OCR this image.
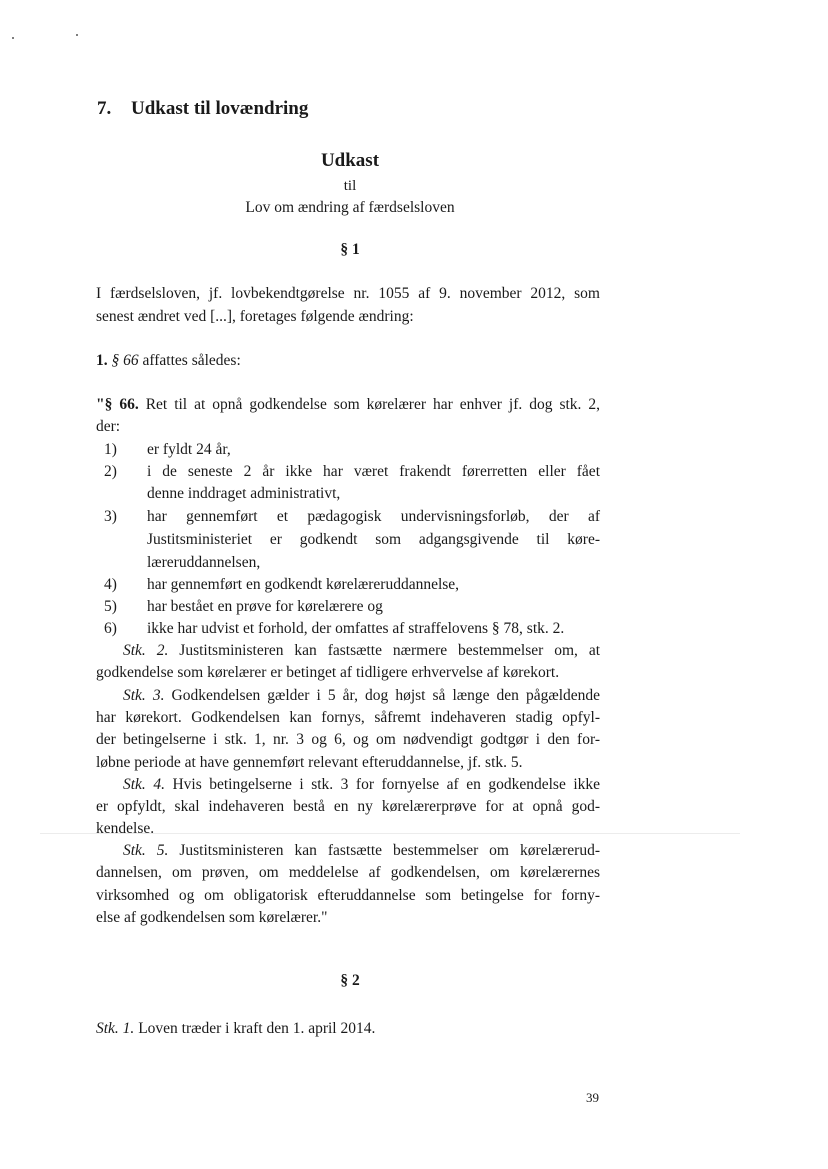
7. Udkast til lovændring
Udkast
til
Lov om ændring af færdselsloven
§ 1
I færdselsloven, jf. lovbekendtgørelse nr. 1055 af 9. november 2012, som
senest ændret ved [...], foretages følgende ændring:
1. § 66 affattes således:
"§ 66. Ret til at opnå godkendelse som kørelærer har enhver jf. dog stk. 2,
der:
1)	er fyldt 24 år,
2)	i de seneste 2 år ikke har været frakendt førerretten eller fået
denne inddraget administrativt,
3)	har gennemført et pædagogisk undervisningsforløb, der af
Justitsministeriet er godkendt som adgangsgivende til køre-
læreruddannelsen,
4)	har gennemført en godkendt kørelæreruddannelse,
5)	har bestået en prøve for kørelærere og
6)	ikke har udvist et forhold, der omfattes af straffelovens § 78, stk. 2.
Stk. 2. Justitsministeren kan fastsætte nærmere bestemmelser om, at
godkendelse som kørelærer er betinget af tidligere erhvervelse af kørekort.
Stk. 3. Godkendelsen gælder i 5 år, dog højst så længe den pågældende
har kørekort. Godkendelsen kan fornys, såfremt indehaveren stadig opfyl-
der betingelserne i stk. 1, nr. 3 og 6, og om nødvendigt godtgør i den for-
løbne periode at have gennemført relevant efteruddannelse, jf. stk. 5.
Stk. 4. Hvis betingelserne i stk. 3 for fornyelse af en godkendelse ikke
er opfyldt, skal indehaveren bestå en ny kørelærerprøve for at opnå god-
kendelse.
Stk. 5. Justitsministeren kan fastsætte bestemmelser om kørelærerud-
dannelsen, om prøven, om meddelelse af godkendelsen, om kørelærernes
virksomhed og om obligatorisk efteruddannelse som betingelse for forny-
else af godkendelsen som kørelærer."
§ 2
Stk. 1. Loven træder i kraft den 1. april 2014.
39
